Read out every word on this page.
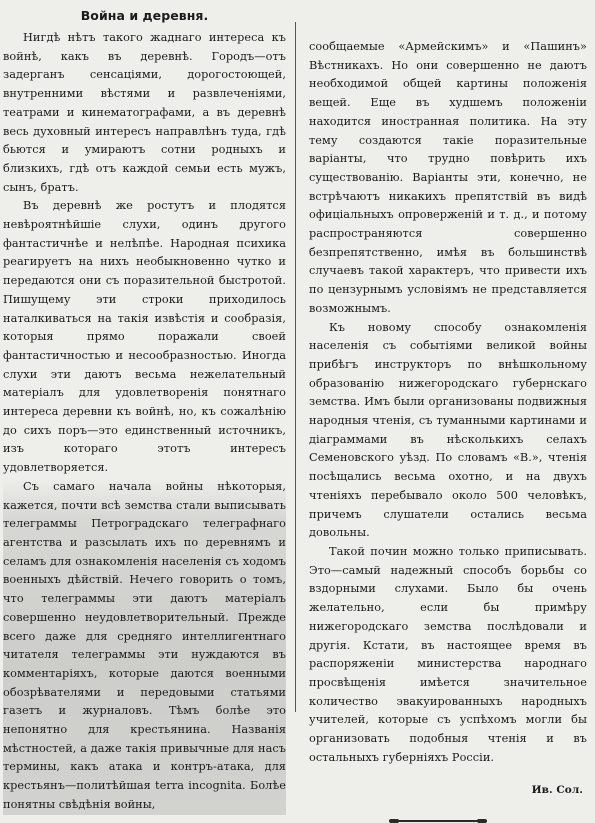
Война и деревня.

Нигдѣ нѣтъ такого жаднаго интереса къ войнѣ, какъ въ деревнѣ. Городъ—отъ задерганъ сенсаціями, дорогостоющей, внутренними вѣстями и развлеченіями, театрами и кинематографами, а въ деревнѣ весь духовный интересъ направлѣнъ туда, гдѣ бьются и умираютъ сотни родныхъ и близкихъ, гдѣ отъ каждой семьи есть мужъ, сынъ, братъ.

Въ деревнѣ же ростутъ и плодятся невѣроятнѣйшіе слухи, одинъ другого фантастичнѣе и нелѣпѣе. Народная психика реагируетъ на нихъ необыкновенно чутко и передаются они съ поразительной быстротой. Пишущему эти строки приходилось наталкиваться на такія извѣстія и сообразія, которыя прямо поражали своей фантастичностью и несообразностью. Иногда слухи эти даютъ весьма нежелательный матеріалъ для удовлетворенія понятнаго интереса деревни къ войнѣ, но, къ сожалѣнію до сихъ поръ—это единственный источникъ, изъ котораго этотъ интересъ удовлетворяется.

Съ самаго начала войны нѣкоторыя, кажется, почти всѣ земства стали выписывать телеграммы Петроградскаго телеграфнаго агентства и разсылать ихъ по деревнямъ и селамъ для ознакомленія населенія съ ходомъ военныхъ дѣйствій. Нечего говорить о томъ, что телеграммы эти даютъ матеріалъ совершенно неудовлетворительный. Прежде всего даже для средняго интеллигентнаго читателя телеграммы эти нуждаются въ комментаріяхъ, которые даются военными обозрѣвателями и передовыми статьями газетъ и журналовъ. Тѣмъ болѣе это непонятно для крестьянина. Названія мѣстностей, а даже такія привычные для насъ термины, какъ атака и контръ-атака, для крестьянъ—политѣйшая terra incognita. Болѣе понятны свѣдѣнія войны,

сообщаемые «Армейскимъ» и «Пашинъ» Вѣстникахъ. Но они совершенно не даютъ необходимой общей картины положенія вещей. Еще въ худшемъ положеніи находится иностранная политика. На эту тему создаются такіе поразительные варіанты, что трудно повѣрить ихъ существованію. Варіанты эти, конечно, не встрѣчаютъ никакихъ препятствій въ видѣ офиціальныхъ опроверженій и т. д., и потому распространяются совершенно безпрепятственно, имѣя въ большинствѣ случаевъ такой характеръ, что привести ихъ по цензурнымъ условіямъ не представляется возможнымъ.

Къ новому способу ознакомленія населенія съ событіями великой войны прибѣгъ инструкторъ по внѣшкольному образованію нижегородскаго губернскаго земства. Имъ были организованы подвижныя народныя чтенія, съ туманными картинами и діаграммами въ нѣсколькихъ селахъ Семеновского уѣзд. По словамъ «В.», чтенія посѣщались весьма охотно, и на двухъ чтеніяхъ перебывало около 500 человѣкъ, причемъ слушатели остались весьма довольны.

Такой почин можно только приписывать. Это—самый надежный способъ борьбы со вздорными слухами. Было бы очень желательно, если бы примѣру нижегородскаго земства послѣдовали и другія. Кстати, въ настоящее время въ распоряженіи министерства народнаго просвѣщенія имѣется значительное количество эвакуированныхъ народныхъ учителей, которые съ успѣхомъ могли бы организовать подобныя чтенія и въ остальныхъ губерніяхъ Россіи.

Ив. Сол.
